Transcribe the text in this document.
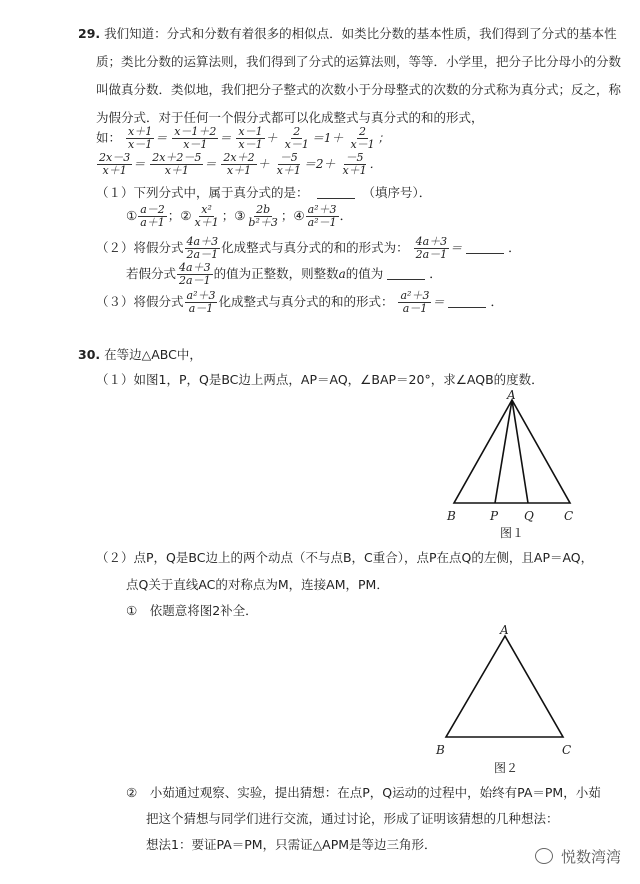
29. 我们知道：分式和分数有着很多的相似点．如类比分数的基本性质，我们得到了分式的基本性
质；类比分数的运算法则，我们得到了分式的运算法则，等等．小学里，把分子比分母小的分数
叫做真分数．类似地，我们把分子整式的次数小于分母整式的次数的分式称为真分式；反之，称
为假分式．对于任何一个假分式都可以化成整式与真分式的和的形式，
如： $\frac{x+1}{x-1} = \frac{x-1+2}{x-1} = \frac{x-1}{x-1} + \frac{2}{x-1} =1+ \frac{2}{x-1}$ ；
$\frac{2x-3}{x+1} = \frac{2x+2-5}{x+1} = \frac{2x+2}{x+1} + \frac{-5}{x+1} =2+ \frac{-5}{x+1}$ ．
（１）下列分式中，属于真分式的是：	（填序号）．
① $\frac{a-2}{a+1}$ ；② $\frac{\text{x²}}{x+1}$ ；③ $\frac{2b}{\text{b²＋3}}$ ；④ $\frac{\text{a²＋3}}{\text{a²－1}}$ ．
（２）将假分式 $\frac{4a+3}{2a-1}$ 化成整式与真分式的和的形式为： $\frac{4a+3}{2a-1}$ ＝	．
若假分式 $\frac{4a+3}{2a-1}$ 的值为正整数，则整数a的值为	．
（３）将假分式 $\frac{\text{a²＋3}}{a-1}$ 化成整式与真分式的和的形式： $\frac{\text{a²＋3}}{a-1}$ ＝	．
30. 在等边△ABC中，
（１）如图1，P，Q是BC边上两点，AP＝AQ，∠BAP＝20°，求∠AQB的度数．
A
B	P Q	C
图１
（２）点P，Q是BC边上的两个动点（不与点B，C重合），点P在点Q的左侧，且AP＝AQ，
点Q关于直线AC的对称点为M，连接AM，PM．
①　依题意将图2补全．
A
B	C
图２
②　小茹通过观察、实验，提出猜想：在点P，Q运动的过程中，始终有PA＝PM，小茹
把这个猜想与同学们进行交流，通过讨论，形成了证明该猜想的几种想法：
想法1：要证PA＝PM，只需证△APM是等边三角形．
悦数湾湾
